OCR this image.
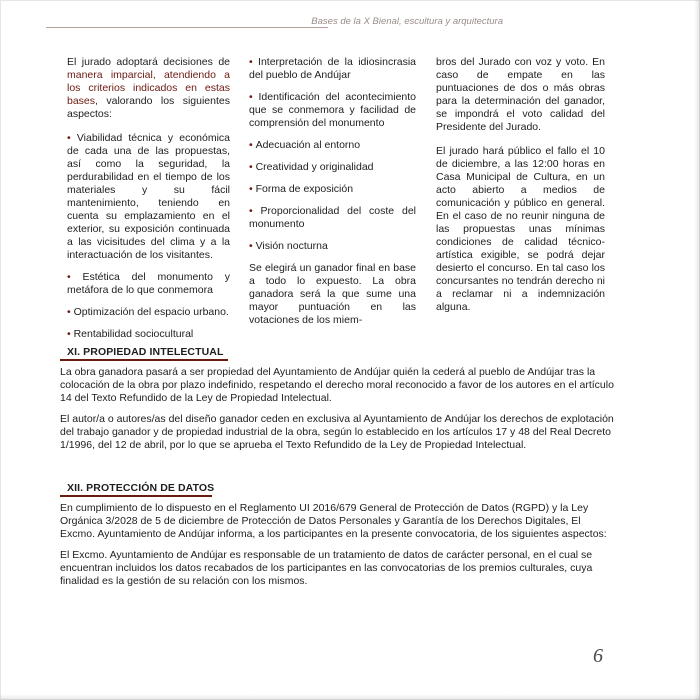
Bases de la X Bienal, escultura y arquitectura

El jurado adoptará decisiones de manera imparcial, atendiendo a los criterios indicados en estas bases, valorando los siguientes aspectos:

• Viabilidad técnica y económica de cada una de las propuestas, así como la seguridad, la perdurabilidad en el tiempo de los materiales y su fácil mantenimiento, teniendo en cuenta su emplazamiento en el exterior, su exposición continuada a las vicisitudes del clima y a la interactuación de los visitantes.
• Estética del monumento y metáfora de lo que conmemora
• Optimización del espacio urbano.
• Rentabilidad sociocultural
• Interpretación de la idiosincrasia del pueblo de Andújar
• Identificación del acontecimiento que se conmemora y facilidad de comprensión del monumento
• Adecuación al entorno
• Creatividad y originalidad
• Forma de exposición
• Proporcionalidad del coste del monumento
• Visión nocturna

Se elegirá un ganador final en base a todo lo expuesto. La obra ganadora será la que sume una mayor puntuación en las votaciones de los miem-

bros del Jurado con voz y voto. En caso de empate en las puntuaciones de dos o más obras para la determinación del ganador, se impondrá el voto calidad del Presidente del Jurado.

El jurado hará público el fallo el 10 de diciembre, a las 12:00 horas en Casa Municipal de Cultura, en un acto abierto a medios de comunicación y público en general. En el caso de no reunir ninguna de las propuestas unas mínimas condiciones de calidad técnico-artística exigible, se podrá dejar desierto el concurso. En tal caso los concursantes no tendrán derecho ni a reclamar ni a indemnización alguna.

XI. PROPIEDAD INTELECTUAL

La obra ganadora pasará a ser propiedad del Ayuntamiento de Andújar quién la cederá al pueblo de Andújar tras la colocación de la obra por plazo indefinido, respetando el derecho moral reconocido a favor de los autores en el artículo 14 del Texto Refundido de la Ley de Propiedad Intelectual.

El autor/a o autores/as del diseño ganador ceden en exclusiva al Ayuntamiento de Andújar los derechos de explotación del trabajo ganador y de propiedad industrial de la obra, según lo establecido en los artículos 17 y 48 del Real Decreto 1/1996, del 12 de abril, por lo que se aprueba el Texto Refundido de la Ley de Propiedad Intelectual.

XII. PROTECCIÓN DE DATOS

En cumplimiento de lo dispuesto en el Reglamento UI 2016/679 General de Protección de Datos (RGPD) y la Ley Orgánica 3/2028 de 5 de diciembre de Protección de Datos Personales y Garantía de los Derechos Digitales, El Excmo. Ayuntamiento de Andújar informa, a los participantes en la presente convocatoria, de los siguientes aspectos:

El Excmo. Ayuntamiento de Andújar es responsable de un tratamiento de datos de carácter personal, en el cual se encuentran incluidos los datos recabados de los participantes en las convocatorias de los premios culturales, cuya finalidad es la gestión de su relación con los mismos.

6
